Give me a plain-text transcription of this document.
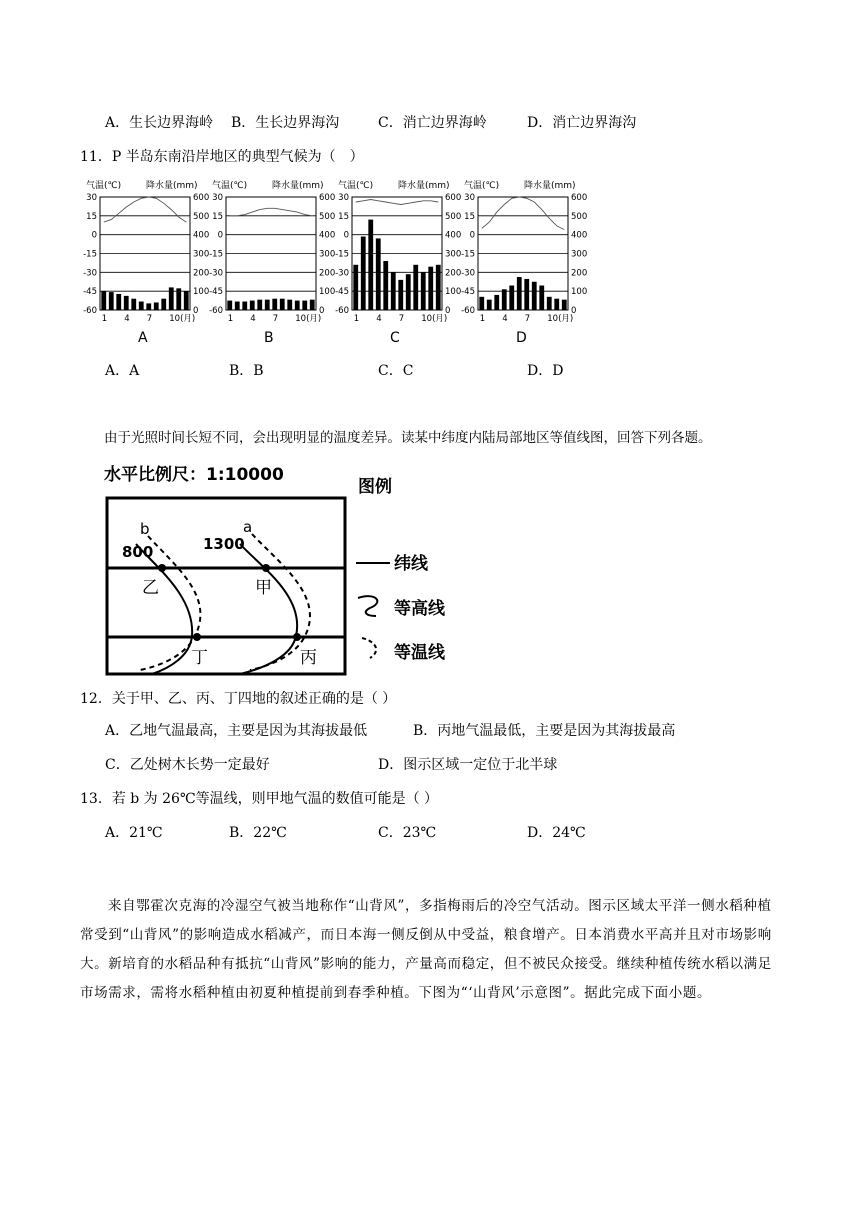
A．生长边界海岭 B．生长边界海沟	C．消亡边界海岭	D．消亡边界海沟
11．P 半岛东南沿岸地区的典型气候为（　）
气温(℃)	降水量(mm)
30	600
15	500
0	400
-15	300
-30	200
-45	100
-60	0
1 4 7 10(月)
A
气温(℃)	降水量(mm)
30	600
15	500
0	400
-15	300
-30	200
-45	100
-60	0
1 4 7 10(月)
B
气温(℃)	降水量(mm)
30	600
15	500
0	400
-15	300
-30	200
-45	100
-60	0
1 4 7 10(月)
C
气温(℃)	降水量(mm)
30	600
15	500
0	400
-15	300
-30	200
-45	100
-60	0
1 4 7 10(月)
D
A．A	B．B	C．C	D．D
由于光照时间长短不同，会出现明显的温度差异。读某中纬度内陆局部地区等值线图，回答下列各题。
水平比例尺：1:10000
图例
b	a
800	1300
乙	甲
丁	丙
纬线
等高线
等温线
12．关于甲、乙、丙、丁四地的叙述正确的是（ ）
A．乙地气温最高，主要是因为其海拔最低	B．丙地气温最低，主要是因为其海拔最高
C．乙处树木长势一定最好	D．图示区域一定位于北半球
13．若 b 为 26℃等温线，则甲地气温的数值可能是（ ）
A．21℃	B．22℃	C．23℃	D．24℃
来自鄂霍次克海的冷湿空气被当地称作“山背风”，多指梅雨后的冷空气活动。图示区域太平洋一侧水稻种植常受到“山背风”的影响造成水稻减产，而日本海一侧反倒从中受益，粮食增产。日本消费水平高并且对市场影响大。新培育的水稻品种有抵抗“山背风”影响的能力，产量高而稳定，但不被民众接受。继续种植传统水稻以满足市场需求，需将水稻种植由初夏种植提前到春季种植。下图为“‘山背风’示意图”。据此完成下面小题。
